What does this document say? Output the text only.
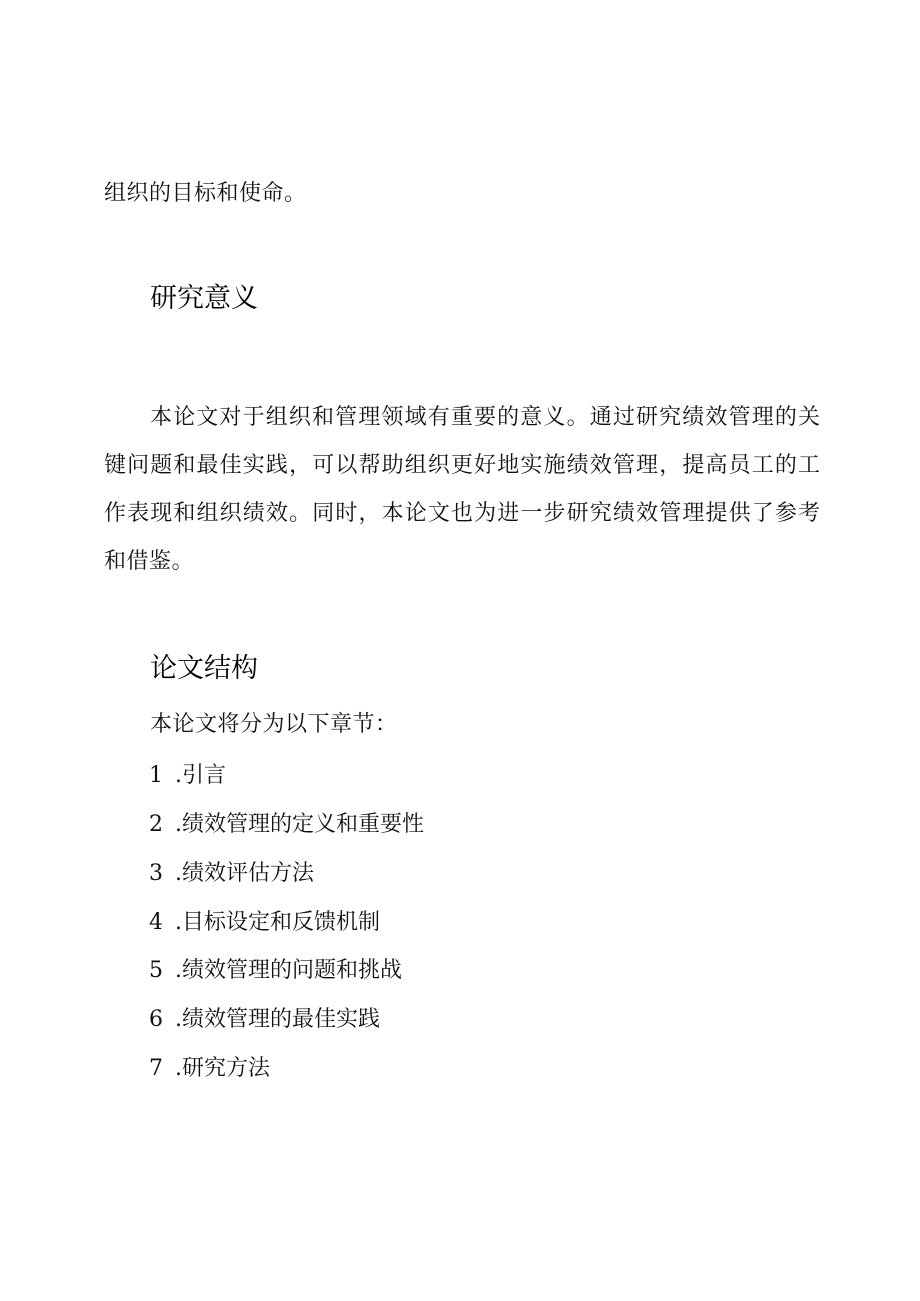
组织的目标和使命。
研究意义
本论文对于组织和管理领域有重要的意义。通过研究绩效管理的关
键问题和最佳实践，可以帮助组织更好地实施绩效管理，提高员工的工
作表现和组织绩效。同时，本论文也为进一步研究绩效管理提供了参考
和借鉴。
论文结构
本论文将分为以下章节：
1 .引言
2 .绩效管理的定义和重要性
3 .绩效评估方法
4 .目标设定和反馈机制
5 .绩效管理的问题和挑战
6 .绩效管理的最佳实践
7 .研究方法
